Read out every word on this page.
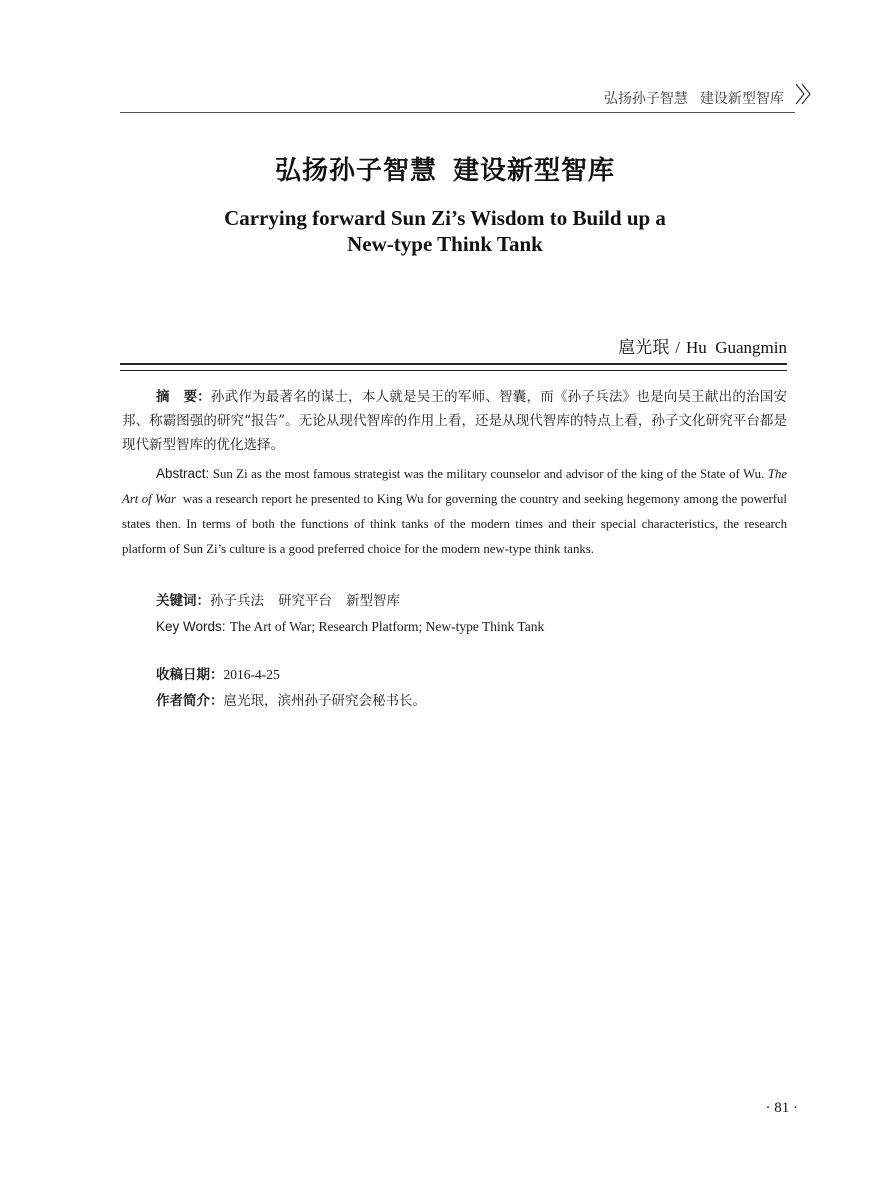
弘扬孙子智慧 建设新型智库
弘扬孙子智慧 建设新型智库
Carrying forward Sun Zi’s Wisdom to Build up a
New-type Think Tank
扈光珉 / Hu  Guangmin

摘　要：孙武作为最著名的谋士，本人就是吴王的军师、智囊，而《孙子兵法》也是向吴王献出的治国安邦、称霸图强的研究“报告”。无论从现代智库的作用上看，还是从现代智库的特点上看，孙子文化研究平台都是现代新型智库的优化选择。

Abstract: Sun Zi as the most famous strategist was the military counselor and advisor of the king of the State of Wu. The Art of War was a research report he presented to King Wu for governing the country and seeking hegemony among the powerful states then. In terms of both the functions of think tanks of the modern times and their special characteristics, the research platform of Sun Zi’s culture is a good preferred choice for the modern new-type think tanks.

关键词：孙子兵法 研究平台 新型智库

Key Words: The Art of War; Research Platform; New-type Think Tank

收稿日期：2016-4-25

作者简介：扈光珉，滨州孙子研究会秘书长。

· 81 ·
